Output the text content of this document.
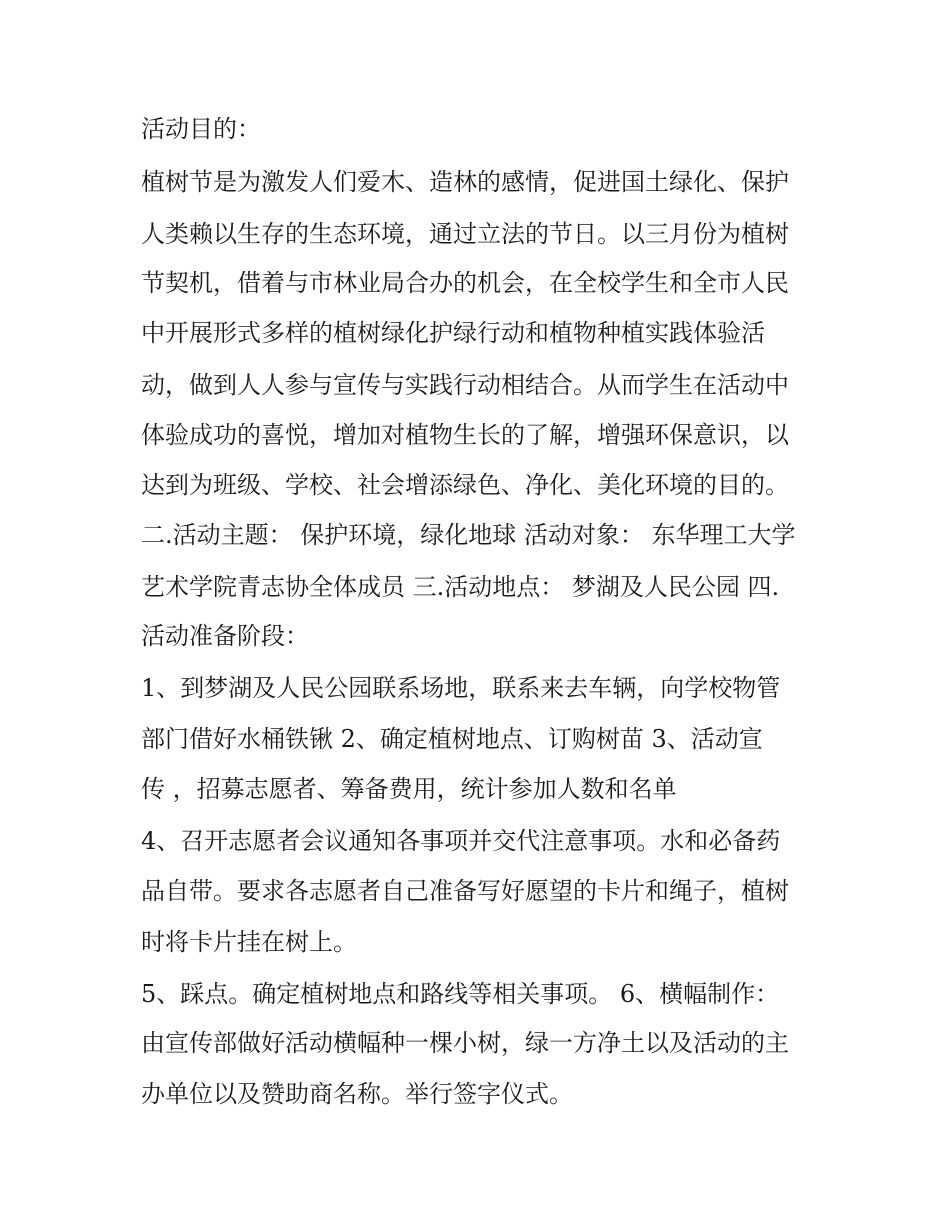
活动目的：
植树节是为激发人们爱木、造林的感情，促进国土绿化、保护
人类赖以生存的生态环境，通过立法的节日。以三月份为植树
节契机，借着与市林业局合办的机会，在全校学生和全市人民
中开展形式多样的植树绿化护绿行动和植物种植实践体验活
动，做到人人参与宣传与实践行动相结合。从而学生在活动中
体验成功的喜悦，增加对植物生长的了解，增强环保意识，以
达到为班级、学校、社会增添绿色、净化、美化环境的目的。
二.活动主题： 保护环境，绿化地球 活动对象： 东华理工大学
艺术学院青志协全体成员 三.活动地点： 梦湖及人民公园 四.
活动准备阶段：
1、到梦湖及人民公园联系场地，联系来去车辆，向学校物管
部门借好水桶铁锹 2、确定植树地点、订购树苗 3、活动宣
传 ，招募志愿者、筹备费用，统计参加人数和名单
4、召开志愿者会议通知各事项并交代注意事项。水和必备药
品自带。要求各志愿者自己准备写好愿望的卡片和绳子，植树
时将卡片挂在树上。
5、踩点。确定植树地点和路线等相关事项。 6、横幅制作：
由宣传部做好活动横幅种一棵小树，绿一方净土以及活动的主
办单位以及赞助商名称。举行签字仪式。
